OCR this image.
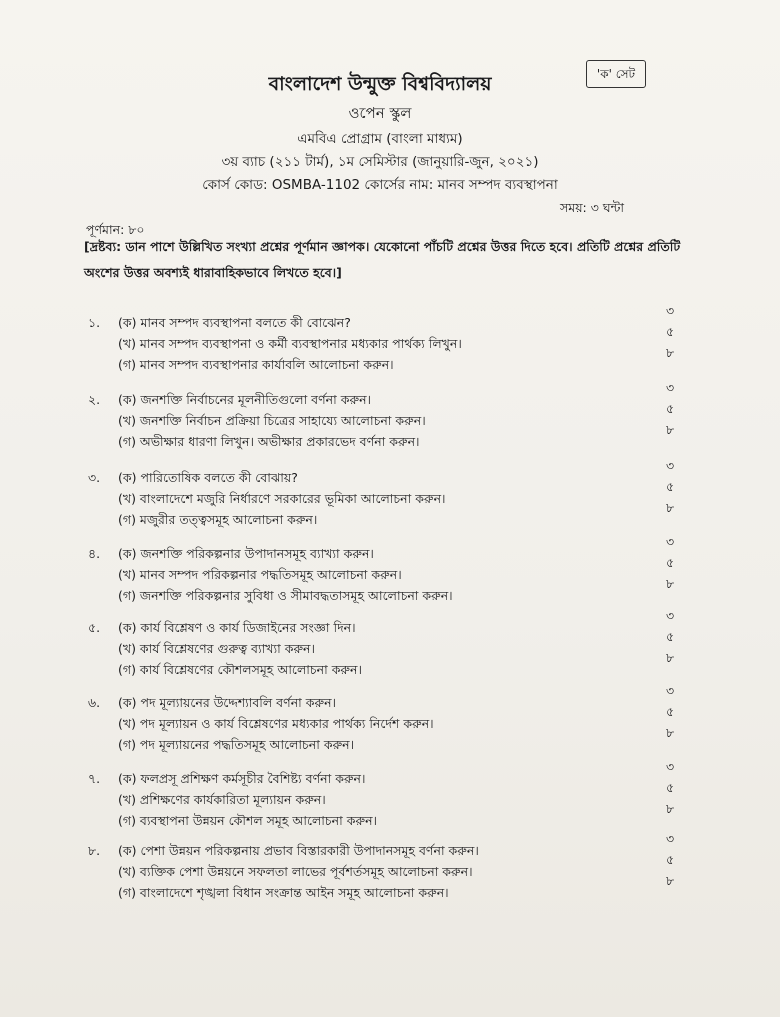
'ক' সেট
বাংলাদেশ উন্মুক্ত বিশ্ববিদ্যালয়
ওপেন স্কুল
এমবিএ প্রোগ্রাম (বাংলা মাধ্যম)
৩য় ব্যাচ (২১১ টার্ম), ১ম সেমিস্টার (জানুয়ারি-জুন, ২০২১)
কোর্স কোড: OSMBA-1102 কোর্সের নাম: মানব সম্পদ ব্যবস্থাপনা
সময়: ৩ ঘন্টা
পূর্ণমান: ৮০
[দ্রষ্টব্য: ডান পাশে উল্লিখিত সংখ্যা প্রশ্নের পূর্ণমান জ্ঞাপক। যেকোনো পাঁচটি প্রশ্নের উত্তর দিতে হবে। প্রতিটি প্রশ্নের প্রতিটি অংশের উত্তর অবশ্যই ধারাবাহিকভাবে লিখতে হবে।]
১. (ক) মানব সম্পদ ব্যবস্থাপনা বলতে কী বোঝেন?
(খ) মানব সম্পদ ব্যবস্থাপনা ও কর্মী ব্যবস্থাপনার মধ্যকার পার্থক্য লিখুন।
(গ) মানব সম্পদ ব্যবস্থাপনার কার্যাবলি আলোচনা করুন।
৩
৫
৮
২. (ক) জনশক্তি নির্বাচনের মূলনীতিগুলো বর্ণনা করুন।
(খ) জনশক্তি নির্বাচন প্রক্রিয়া চিত্রের সাহায্যে আলোচনা করুন।
(গ) অভীক্ষার ধারণা লিখুন। অভীক্ষার প্রকারভেদ বর্ণনা করুন।
৩
৫
৮
৩. (ক) পারিতোষিক বলতে কী বোঝায়?
(খ) বাংলাদেশে মজুরি নির্ধারণে সরকারের ভূমিকা আলোচনা করুন।
(গ) মজুরীর তত্ত্বসমূহ আলোচনা করুন।
৩
৫
৮
৪. (ক) জনশক্তি পরিকল্পনার উপাদানসমূহ ব্যাখ্যা করুন।
(খ) মানব সম্পদ পরিকল্পনার পদ্ধতিসমূহ আলোচনা করুন।
(গ) জনশক্তি পরিকল্পনার সুবিধা ও সীমাবদ্ধতাসমূহ আলোচনা করুন।
৩
৫
৮
৫. (ক) কার্য বিশ্লেষণ ও কার্য ডিজাইনের সংজ্ঞা দিন।
(খ) কার্য বিশ্লেষণের গুরুত্ব ব্যাখ্যা করুন।
(গ) কার্য বিশ্লেষণের কৌশলসমূহ আলোচনা করুন।
৩
৫
৮
৬. (ক) পদ মূল্যায়নের উদ্দেশ্যাবলি বর্ণনা করুন।
(খ) পদ মূল্যায়ন ও কার্য বিশ্লেষণের মধ্যকার পার্থক্য নির্দেশ করুন।
(গ) পদ মূল্যায়নের পদ্ধতিসমূহ আলোচনা করুন।
৩
৫
৮
৭. (ক) ফলপ্রসূ প্রশিক্ষণ কর্মসূচীর বৈশিষ্ট্য বর্ণনা করুন।
(খ) প্রশিক্ষণের কার্যকারিতা মূল্যায়ন করুন।
(গ) ব্যবস্থাপনা উন্নয়ন কৌশল সমূহ আলোচনা করুন।
৩
৫
৮
৮. (ক) পেশা উন্নয়ন পরিকল্পনায় প্রভাব বিস্তারকারী উপাদানসমূহ বর্ণনা করুন।
(খ) ব্যক্তিক পেশা উন্নয়নে সফলতা লাভের পূর্বশর্তসমূহ আলোচনা করুন।
(গ) বাংলাদেশে শৃঙ্খলা বিধান সংক্রান্ত আইন সমূহ আলোচনা করুন।
৩
৫
৮
